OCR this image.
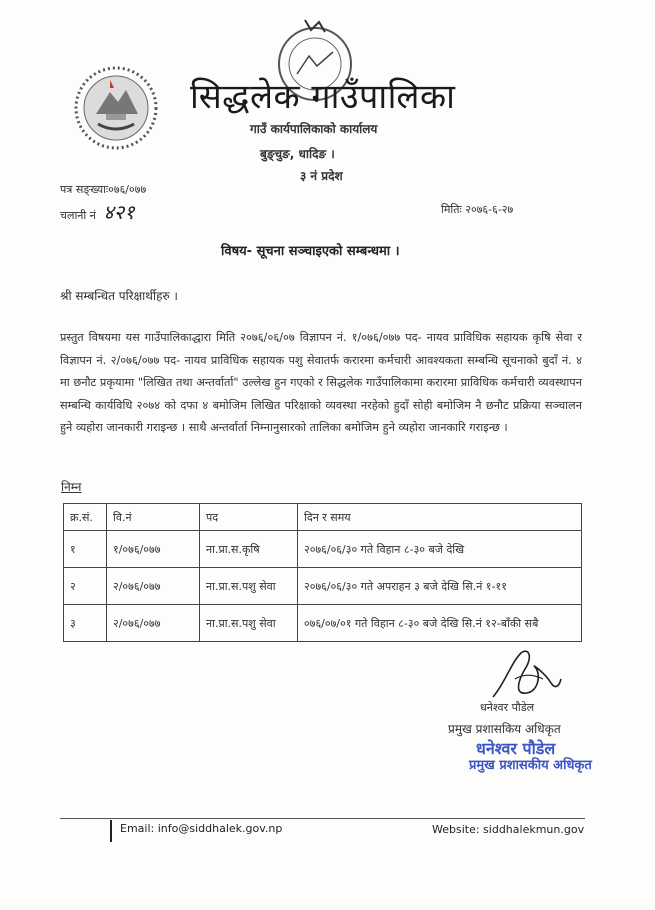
सिद्धलेक गाउँपालिका
गाउँ कार्यपालिकाको कार्यालय
बुङ्चुङ, धादिङ ।
३ नं प्रदेश
पत्र सङ्ख्याः०७६/०७७
चलानी नं ४२१	मितिः २०७६-६-२७
विषय- सूचना सञ्चाइएको सम्बन्धमा ।
श्री सम्बन्धित परिक्षार्थीहरु ।
प्रस्तुत विषयमा यस गाउँपालिकाद्धारा मिति २०७६/०६/०७ विज्ञापन नं. १/०७६/०७७ पद- नायव प्राविधिक सहायक कृषि सेवा र विज्ञापन नं. २/०७६/०७७ पद- नायव प्राविधिक सहायक पशु सेवातर्फ करारमा कर्मचारी आवश्यकता सम्बन्धि सूचनाको बुदाँ नं. ४ मा छनौट प्रकृयामा "लिखित तथा अन्तर्वार्ता" उल्लेख हुन गएको र सिद्धलेक गाउँपालिकामा करारमा प्राविधिक कर्मचारी व्यवस्थापन सम्बन्धि कार्यविधि २०७४ को दफा ४ बमोजिम लिखित परिक्षाको व्यवस्था नरहेको हुदाँ सोही बमोजिम नै छनौट प्रक्रिया सञ्चालन हुने व्यहोरा जानकारी गराइन्छ । साथै अन्तर्वार्ता निम्नानुसारको तालिका बमोजिम हुने व्यहोरा जानकारि गराइन्छ ।
निम्न
क्र.सं.	वि.नं	पद	दिन र समय
१	१/०७६/०७७	ना.प्रा.स.कृषि	२०७६/०६/३० गते विहान ८-३० बजे देखि
२	२/०७६/०७७	ना.प्रा.स.पशु सेवा	२०७६/०६/३० गते अपराहन ३ बजे देखि सि.नं १-११
३	२/०७६/०७७	ना.प्रा.स.पशु सेवा	०७६/०७/०१ गते विहान ८-३० बजे देखि सि.नं १२-बाँकी सबै
धनेश्वर पौडेल
प्रमुख प्रशासकिय अधिकृत
धनेश्वर पौडेल
प्रमुख प्रशासकीय अधिकृत
Email: info@siddhalek.gov.np	Website: siddhalekmun.gov
